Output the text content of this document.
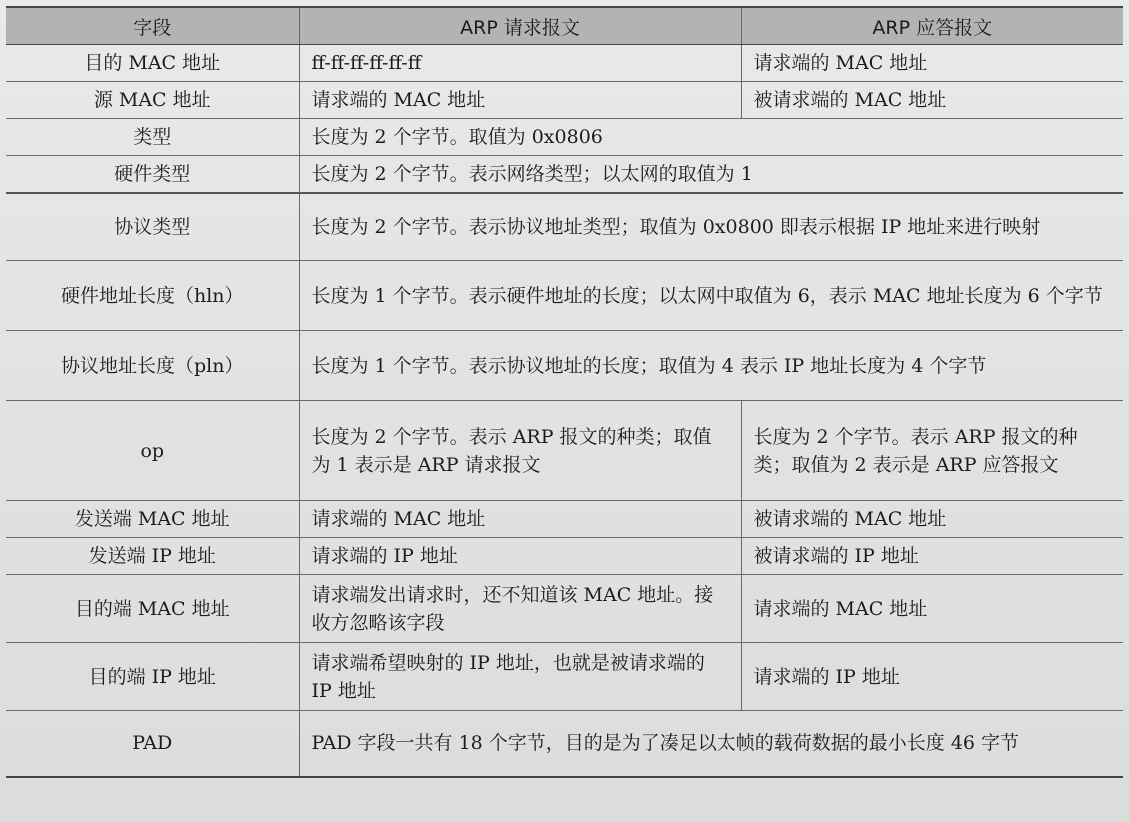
字段	ARP 请求报文	ARP 应答报文
目的 MAC 地址	ff-ff-ff-ff-ff-ff	请求端的 MAC 地址
源 MAC 地址	请求端的 MAC 地址	被请求端的 MAC 地址
类型	长度为 2 个字节。取值为 0x0806	
硬件类型	长度为 2 个字节。表示网络类型；以太网的取值为 1	
协议类型	长度为 2 个字节。表示协议地址类型；取值为 0x0800 即表示根据 IP 地址来进行映射	
硬件地址长度（hln）	长度为 1 个字节。表示硬件地址的长度；以太网中取值为 6，表示 MAC 地址长度为 6 个字节	
协议地址长度（pln）	长度为 1 个字节。表示协议地址的长度；取值为 4 表示 IP 地址长度为 4 个字节	
op	长度为 2 个字节。表示 ARP 报文的种类；取值为 1 表示是 ARP 请求报文	长度为 2 个字节。表示 ARP 报文的种类；取值为 2 表示是 ARP 应答报文
发送端 MAC 地址	请求端的 MAC 地址	被请求端的 MAC 地址
发送端 IP 地址	请求端的 IP 地址	被请求端的 IP 地址
目的端 MAC 地址	请求端发出请求时，还不知道该 MAC 地址。接收方忽略该字段	请求端的 MAC 地址
目的端 IP 地址	请求端希望映射的 IP 地址，也就是被请求端的 IP 地址	请求端的 IP 地址
PAD	PAD 字段一共有 18 个字节，目的是为了凑足以太帧的载荷数据的最小长度 46 字节	
